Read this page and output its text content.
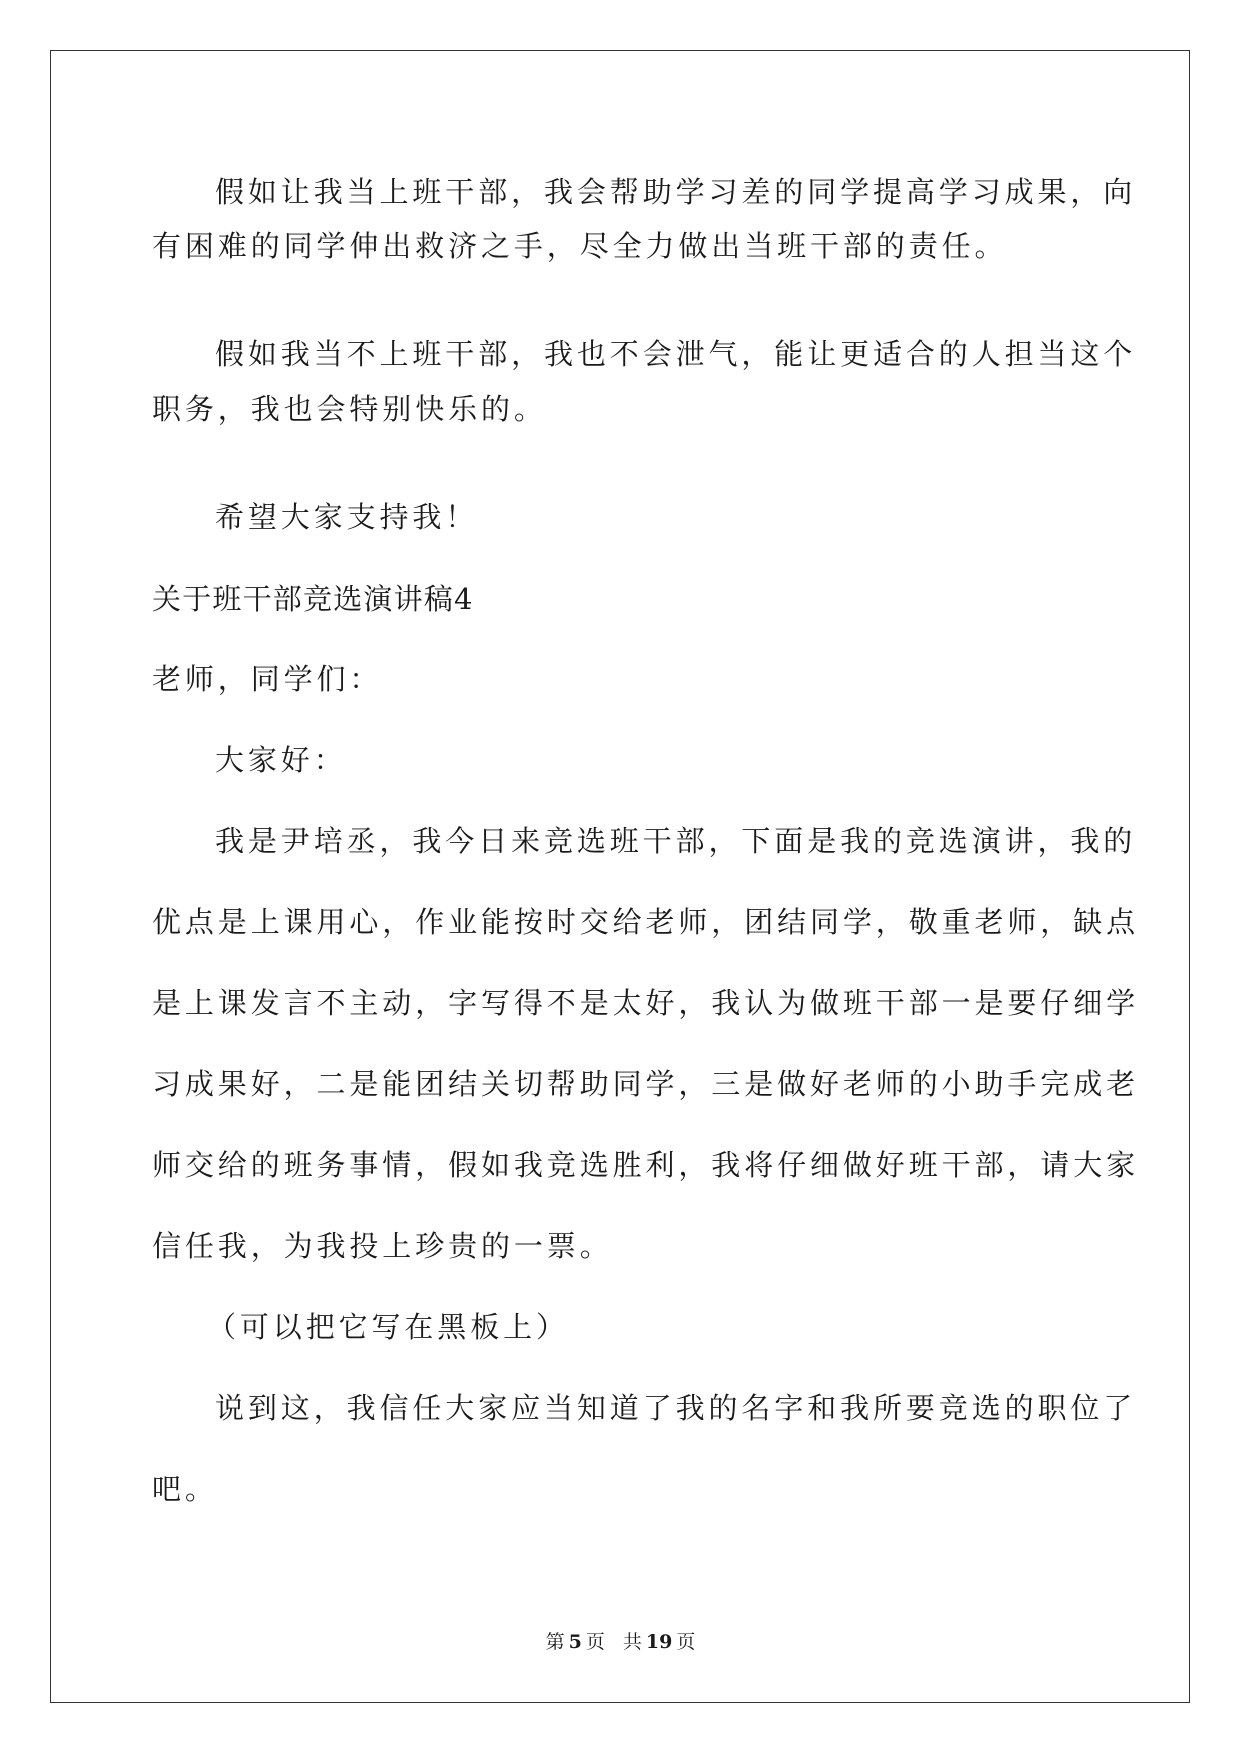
假如让我当上班干部，我会帮助学习差的同学提高学习成果，向
有困难的同学伸出救济之手，尽全力做出当班干部的责任。
假如我当不上班干部，我也不会泄气，能让更适合的人担当这个
职务，我也会特别快乐的。
希望大家支持我！
关于班干部竞选演讲稿4
老师，同学们：
大家好：
我是尹培丞，我今日来竞选班干部，下面是我的竞选演讲，我的
优点是上课用心，作业能按时交给老师，团结同学，敬重老师，缺点
是上课发言不主动，字写得不是太好，我认为做班干部一是要仔细学
习成果好，二是能团结关切帮助同学，三是做好老师的小助手完成老
师交给的班务事情，假如我竞选胜利，我将仔细做好班干部，请大家
信任我，为我投上珍贵的一票。
（可以把它写在黑板上）
说到这，我信任大家应当知道了我的名字和我所要竞选的职位了
吧。
第 5 页 共 19 页
